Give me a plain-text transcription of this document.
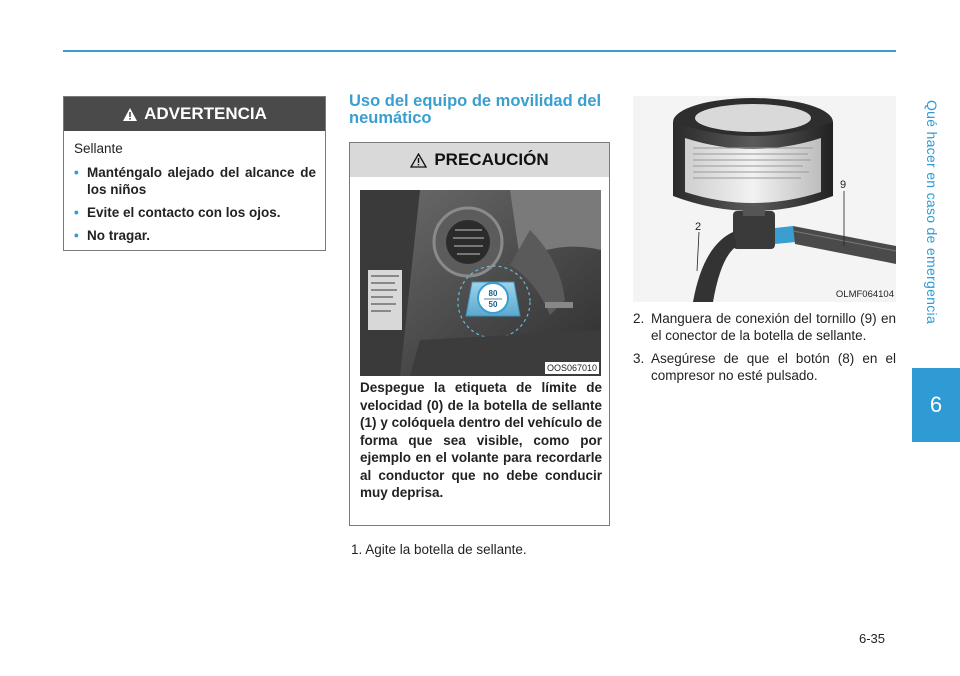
Qué hacer en caso de emergencia
6
ADVERTENCIA
Sellante
• Manténgalo alejado del alcance de los niños
• Evite el contacto con los ojos.
• No tragar.
Uso del equipo de movilidad del neumático
PRECAUCIÓN
80
50
OOS067010
Despegue la etiqueta de límite de velocidad (0) de la botella de sellante (1) y colóquela dentro del vehículo de forma que sea visible, como por ejemplo en el volante para recordarle al conductor que no debe conducir muy deprisa.
1. Agite la botella de sellante.
2
9
OLMF064104
2. Manguera de conexión del tornillo (9) en el conector de la botella de sellante.
3. Asegúrese de que el botón (8) en el compresor no esté pulsado.
6-35
